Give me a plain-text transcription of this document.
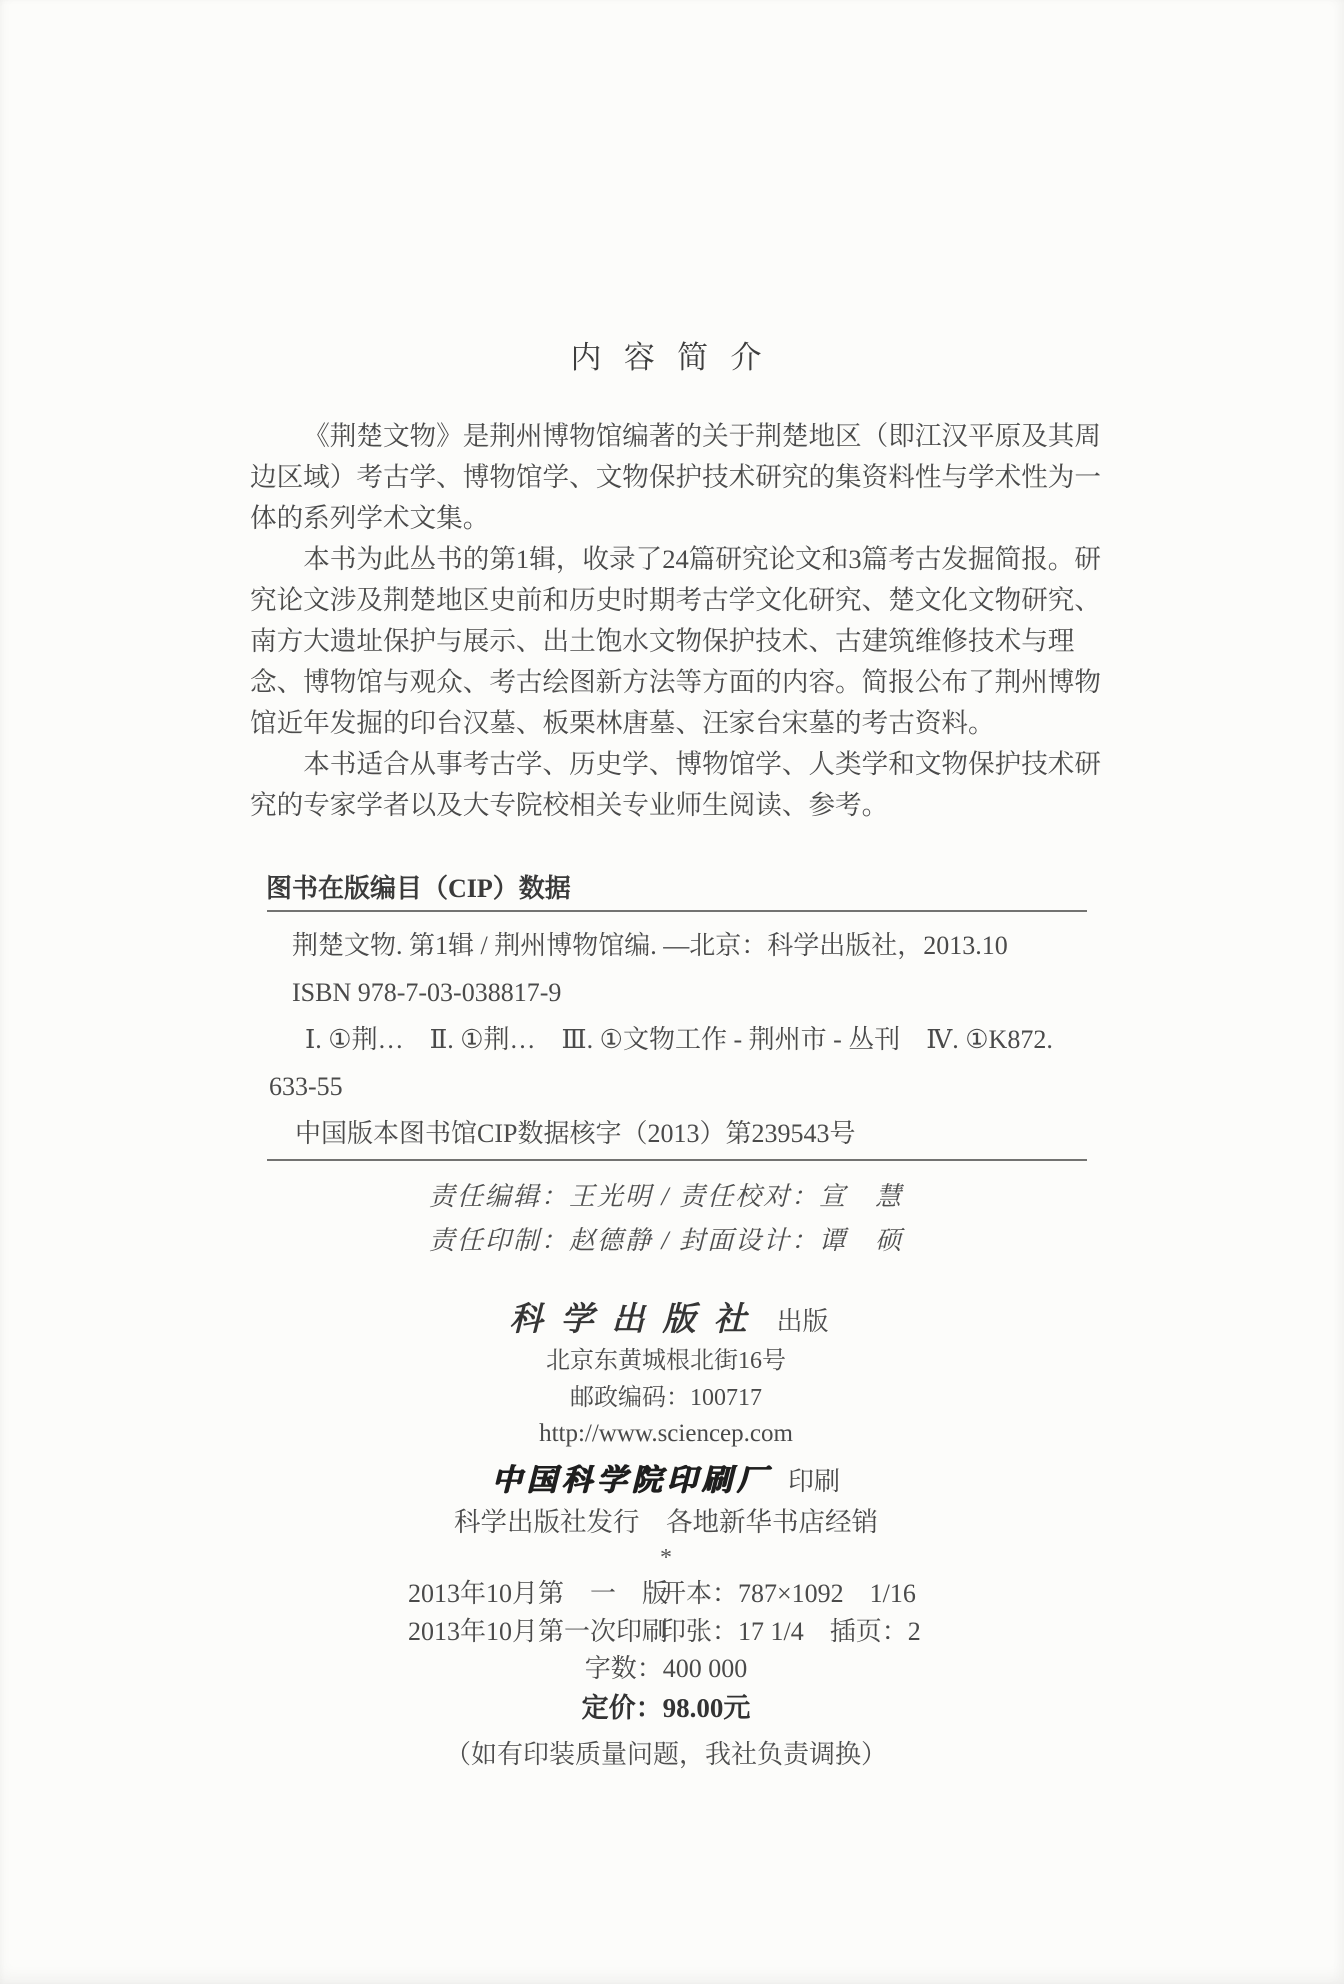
内容简介
《荆楚文物》是荆州博物馆编著的关于荆楚地区（即江汉平原及其周
边区域）考古学、博物馆学、文物保护技术研究的集资料性与学术性为一
体的系列学术文集。
本书为此丛书的第1辑，收录了24篇研究论文和3篇考古发掘简报。研
究论文涉及荆楚地区史前和历史时期考古学文化研究、楚文化文物研究、
南方大遗址保护与展示、出土饱水文物保护技术、古建筑维修技术与理
念、博物馆与观众、考古绘图新方法等方面的内容。简报公布了荆州博物
馆近年发掘的印台汉墓、板栗林唐墓、汪家台宋墓的考古资料。
本书适合从事考古学、历史学、博物馆学、人类学和文物保护技术研
究的专家学者以及大专院校相关专业师生阅读、参考。
图书在版编目（CIP）数据
荆楚文物. 第1辑 / 荆州博物馆编. —北京：科学出版社，2013.10
ISBN 978-7-03-038817-9
Ⅰ. ①荆…　Ⅱ. ①荆…　Ⅲ. ①文物工作 - 荆州市 - 丛刊　Ⅳ. ①K872.
633-55
中国版本图书馆CIP数据核字（2013）第239543号
责任编辑：王光明 / 责任校对：宣　慧
责任印制：赵德静 / 封面设计：谭　硕
科学出版社 出版
北京东黄城根北街16号
邮政编码：100717
http://www.sciencep.com
中国科学院印刷厂 印刷
科学出版社发行　各地新华书店经销
*
2013年10月第　一　版
开本：787×1092　1/16
2013年10月第一次印刷
印张：17 1/4　插页：2
字数：400 000
定价：98.00元
（如有印装质量问题，我社负责调换）
